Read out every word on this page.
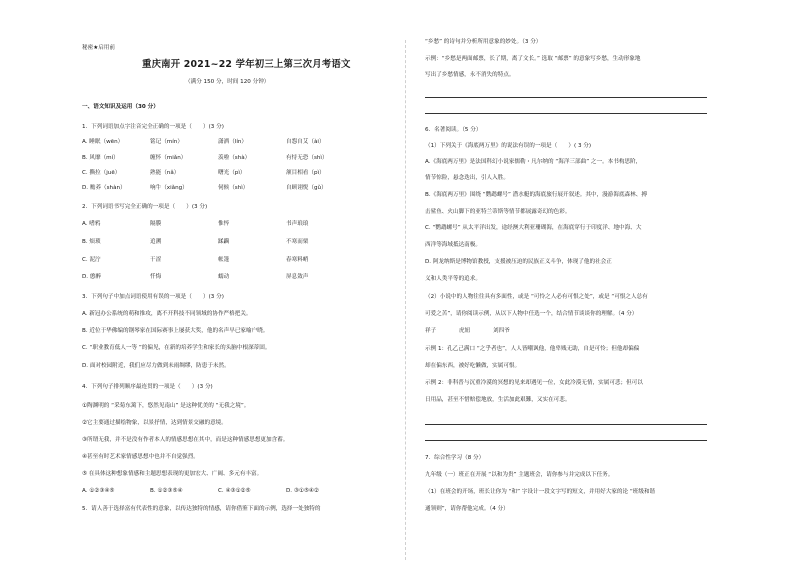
秘密★启用前
重庆南开 2021~22 学年初三上第三次月考语文
（满分 150 分，时间 120 分钟）
一、语文知识及运用（30 分）
1．下列词语加点字注音完全正确的一项是（　　）(3 分)
A. 睡眠（wēn）	铭记（mín）	潇洒（lín）	自怨自艾（ài）
B. 风靡（mí）	缠怀（miǎn）	羡啦（shà）	有恃无恐（shì）
C. 撕拉（juē）	熟能（nǎ）	曙光（pì）	颔目相看（pì）
D. 赡养（shàn）	响牛（xiǎng）	伺候（shì）	自顾诩悦（gǔ）
2．下列词语书写完全正确的一项是（　　）(3 分)
A. 嗜鸦	隔膜	惟悴	书声琅琅
B. 烦琐	追溯	蹂躏	不寒而栗
C. 泥泞	干涩	帐篷	春寒料峭
D. 憨醉	忏悔	蠕动	屏息敛声
3．下列句子中加点词语使用有误的一项是（　　）(3 分)
A. 新冠办公系统的萌和推攻，离不开科技不同领域的协作严格把关。
B. 近位于华佛编的钢琴家在国际赛事上屡获大奖，他的名声早已家喻户晓。
C. “职业教育低人一等 ”的偏见，在新的培养学生和家长的头脑中根深蒂固。
D. 面对校园附近，我们应尽力做到未雨绸缪，防患于未然。
4．下列句子排列顺序最连贯的一项是（　　）(3 分)
①陶渊明的 “采菊东篱下，悠然见南山” 是这种优美的 “无我之境”。
②它主要通过描绘物象，以景抒情，达到情景交融的意境。
③所谓无我，并不是没有作者本人的情感思想在其中，而是这种情感思想更加含蓄。
④甚至有时艺术家情感思想中也并不自觉强烈。
⑤ 在具体这种想象情感和主题思想表现的更加宏大、广阔、多元有丰富。
A. ①②③④⑤	B. ①②③⑤④	C. ④③①②⑤	D. ③①⑤④②
5．请人善于选择富有代表性的意象，以传达独特的情感，请你借鉴下面的示例，选择一处独特的
“乡愁” 的诗句并分析所用意象的妙处。（3 分）
示例：“乡愁是两面邮票，长了期，离了文长。” 选取 “邮票” 的意象写乡愁，生动形象地
写出了乡愁情感，永不消失的特点。
6．名著阅读。（5 分）
（1）下列关于《海底两万里》的说法有误的一项是（　　）( 3 分)
A.《海底两万里》是法国科幻小说家儒勒・凡尔纳的 “海洋三部曲” 之一。本书构思阶，
情节惊险，悬念迭出，引人入胜。
B.《海底两万里》围绕 “鹦鹉螺号” 潜水艇的海底旅行展开叙述。其中，漫游海底森林、搏
击鲨鱼、火山脚下的亚特兰蒂斯等情节都展露奇幻的色彩。
C. “鹦鹉螺号” 从太平洋出发，途经澳大利亚珊瑚海，在海底穿行于印度洋、地中海、大
西洋等海域抵达南极。
D. 阿龙纳斯是博物馆教授，支援被压迫的民族正义斗争，体现了他的社会正
义和人类平等的追求。
（2）小说中的人物往往具有多面性，或是 “可怜之人必有可恨之处”，或是 “可恨之人总有
可爱之苦”，请你阅读示例，从以下人物中任选一个，结合情节谈谈你的理解。（4 分）
祥子	虎妞	刘四爷
示例 1：孔乙己满口 “之乎者也”，人人皆嘲讽他，他卑贱无助，自是可怜；但他却偏偏
却在偏东西，被好吃懒做，实属可恨。
示例 2：非科普与沉重冷漠的冥想的见来却遇见一位，女此冷漠无情，实属可悲；但可以
日用品，甚至不惜赔偿地放，生活加此艰難，又实在可悲。
7．综合性学习（8 分）
九年级（一）班正在开展 “以和为贵” 主题班会，请你参与并完成以下任务。
（1）在班会的开场，班长让你为 “和” 字设计一段文字写的短文，并用好大家的论 “班级和谐
通领则”，请你帮他完成。（4 分）
